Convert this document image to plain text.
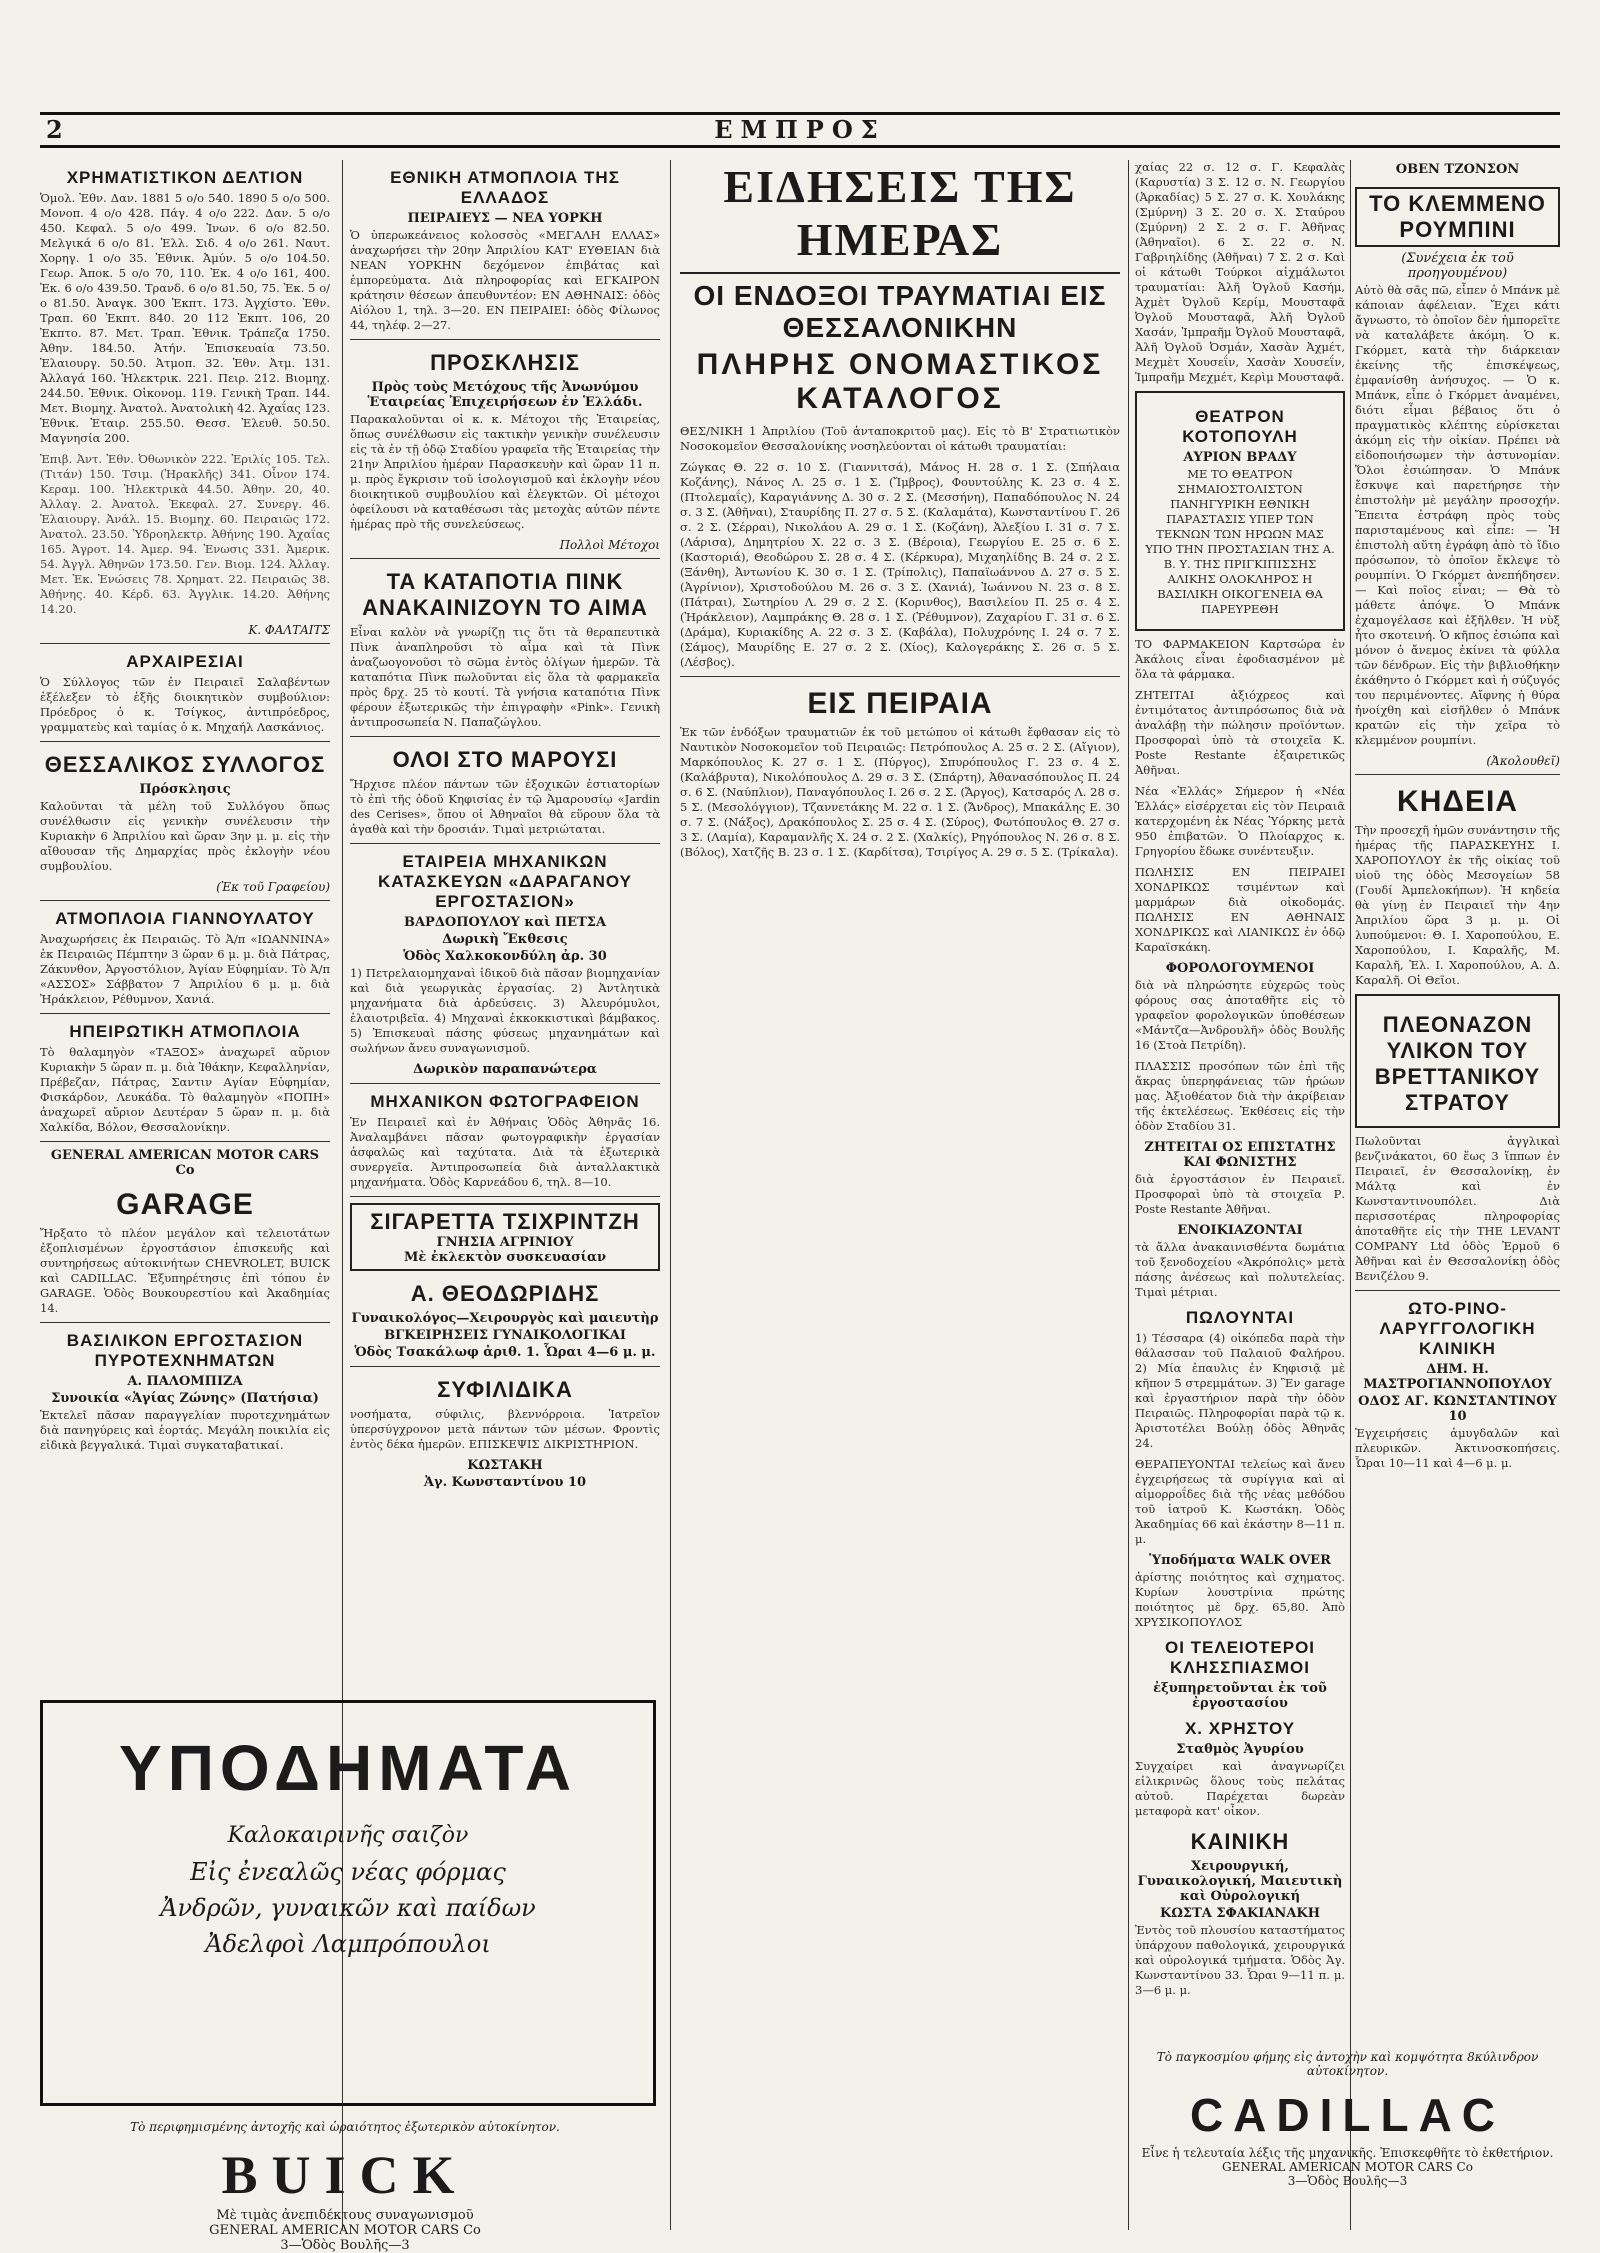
2	ΕΜΠΡΟΣ
ΧΡΗΜΑΤΙΣΤΙΚΟΝ ΔΕΛΤΙΟΝ

Ὁμολ. Ἐθν. Δαν. 1881 5 ο/ο 540. 1890 5 ο/ο 500. Μονοπ. 4 ο/ο 428. Πάγ. 4 ο/ο 222. Δαν. 5 ο/ο 450. Κεφαλ. 5 ο/ο 499. Ἰνων. 6 ο/ο 82.50. Μελγικά 6 ο/ο 81. Ἑλλ. Σιδ. 4 ο/ο 261. Ναυτ. Χορηγ. 1 ο/ο 35. Ἐθνικ. Ἀμύν. 5 ο/ο 104.50. Γεωρ. Ἀποκ. 5 ο/ο 70, 110. Ἐκ. 4 ο/ο 161, 400. Ἐκ. 6 ο/ο 439.50. Τρανδ. 6 ο/ο 81.50, 75. Ἐκ. 5 ο/ο 81.50. Ἀναγκ. 300 Ἐκπτ. 173. Ἀγχίστο. Ἐθν. Τραπ. 60 Ἐκπτ. 840. 20 112 Ἐκπτ. 106, 20 Ἐκπτο. 87. Μετ. Τραπ. Ἐθνικ. Τράπεζα 1750. Ἀθην. 184.50. Ἀτήν. Ἐπισκευαία 73.50. Ἐλαιουργ. 50.50. Ἀτμοπ. 32. Ἐθν. Ἀτμ. 131. Ἀλλαγά 160. Ἡλεκτρικ. 221. Πειρ. 212. Βιομηχ. 244.50. Ἐθνικ. Οἰκονομ. 119. Γενικὴ Τραπ. 144. Μετ. Βιομηχ. Ἀνατολ. Ἀνατολικὴ 42. Ἀχαΐας 123. Ἐθνικ. Ἐταιρ. 255.50. Θεσσ. Ἐλευθ. 50.50. Μαγνησία 200.

Ἐπιβ. Ἀντ. Ἐθν. Ὀθωνικὸν 222. Ἐριλίς 105. Τελ. (Τιτάν) 150. Τσιμ. (Ἡρακλῆς) 341. Οἶνον 174. Κεραμ. 100. Ἡλεκτρικὰ 44.50. Ἀθην. 20, 40. Ἀλλαγ. 2. Ἀνατολ. Ἐκεφαλ. 27. Συνεργ. 46. Ἐλαιουργ. Ἀνάλ. 15. Βιομηχ. 60. Πειραιῶς 172. Ἀνατολ. 23.50. Ὑδροηλεκτρ. Ἀθήνης 190. Ἀχαΐας 165. Ἀγροτ. 14. Ἀμερ. 94. Ἐνωσις 331. Ἀμερικ. 54. Ἀγγλ. Ἀθηνῶν 173.50. Γεν. Βιομ. 124. Ἀλλαγ. Μετ. Ἐκ. Ἐνώσεις 78. Χρηματ. 22. Πειραιῶς 38. Ἀθήνης. 40. Κέρδ. 63. Ἀγγλικ. 14.20. Ἀθήνης 14.20.

Κ. ΦΑΛΤΑΙΤΣ
ΑΡΧΑΙΡΕΣΙΑΙ

Ὁ Σύλλογος τῶν ἐν Πειραιεῖ Σαλαβέντων ἐξέλεξεν τὸ ἑξῆς διοικητικὸν συμβούλιον: Πρόεδρος ὁ κ. Τσίγκος, ἀντιπρόεδρος, γραμματεὺς καὶ ταμίας ὁ κ. Μηχαήλ Λασκάνιος.

ΘΕΣΣΑΛΙΚΟΣ ΣΥΛΛΟΓΟΣ
Πρόσκλησις

Καλοῦνται τὰ μέλη τοῦ Συλλόγου ὅπως συνέλθωσιν εἰς γενικὴν συνέλευσιν τὴν Κυριακὴν 6 Ἀπριλίου καὶ ὥραν 3ην μ. μ. εἰς τὴν αἴθουσαν τῆς Δημαρχίας πρὸς ἐκλογὴν νέου συμβουλίου.

(Ἐκ τοῦ Γραφείου)
ΑΤΜΟΠΛΟΙΑ ΓΙΑΝΝΟΥΛΑΤΟΥ

Ἀναχωρήσεις ἐκ Πειραιῶς. Τὸ Ἀ/π «ΙΩΑΝΝΙΝΑ» ἐκ Πειραιῶς Πέμπτην 3 ὥραν 6 μ. μ. διὰ Πάτρας, Ζάκυνθον, Ἀργοστόλιον, Ἀγίαν Εὐφημίαν. Τὸ Ἀ/π «ΑΣΣΟΣ» Σάββατον 7 Ἀπριλίου 6 μ. μ. διὰ Ἠράκλειον, Ρέθυμνον, Χανιά.

ΗΠΕΙΡΩΤΙΚΗ ΑΤΜΟΠΛΟΙΑ

Τὸ θαλαμηγὸν «ΤΑΞΟΣ» ἀναχωρεῖ αὔριον Κυριακὴν 5 ὥραν π. μ. διὰ Ἰθάκην, Κεφαλληνίαν, Πρέβεζαν, Πάτρας, Σαντιν Αγίαν Εὐφημίαν, Φισκάρδον, Λευκάδα. Τὸ θαλαμηγὸν «ΠΟΠΗ» ἀναχωρεῖ αὔριον Δευτέραν 5 ὥραν π. μ. διὰ Χαλκίδα, Βόλον, Θεσσαλονίκην.

GENERAL AMERICAN MOTOR CARS Co
GARAGE

Ἤρξατο τὸ πλέον μεγάλον καὶ τελειοτάτων ἐξοπλισμένων ἐργοστάσιον ἐπισκευῆς καὶ συντηρήσεως αὐτοκινήτων CHEVROLET, BUICK καὶ CADILLAC. Ἐξυπηρέτησις ἐπὶ τόπου ἐν GARAGE. Ὁδὸς Βουκουρεστίου καὶ Ἀκαδημίας 14.

ΒΑΣΙΛΙΚΟΝ ΕΡΓΟΣΤΑΣΙΟΝ ΠΥΡΟΤΕΧΝΗΜΑΤΩΝ
Α. ΠΑΛΟΜΠΙΖΑ
Συνοικία «Ἁγίας Ζώνης» (Πατήσια)

Ἐκτελεῖ πᾶσαν παραγγελίαν πυροτεχνημάτων διὰ πανηγύρεις καὶ ἑορτάς. Μεγάλη ποικιλία εἰς εἰδικὰ βεγγαλικά. Τιμαὶ συγκαταβατικαί.

ΕΘΝΙΚΗ ΑΤΜΟΠΛΟΙΑ ΤΗΣ ΕΛΛΑΔΟΣ
ΠΕΙΡΑΙΕΥΣ — ΝΕΑ ΥΟΡΚΗ

Ὁ ὑπερωκεάνειος κολοσσὸς «ΜΕΓΑΛΗ ΕΛΛΑΣ» ἀναχωρήσει τὴν 20ην Ἀπριλίου ΚΑΤ' ΕΥΘΕΙΑΝ διὰ ΝΕΑΝ ΥΟΡΚΗΝ δεχόμενον ἐπιβάτας καὶ ἐμπορεύματα. Διὰ πληροφορίας καὶ ΕΓΚΑΙΡΟΝ κράτησιν θέσεων ἀπευθυντέον: ΕΝ ΑΘΗΝΑΙΣ: ὁδὸς Αἰόλου 1, τηλ. 3—20. ΕΝ ΠΕΙΡΑΙΕΙ: ὁδὸς Φίλωνος 44, τηλέφ. 2—27.

ΠΡΟΣΚΛΗΣΙΣ
Πρὸς τοὺς Μετόχους τῆς Ἀνωνύμου Ἑταιρείας Ἐπιχειρήσεων ἐν Ἑλλάδι.

Παρακαλοῦνται οἱ κ. κ. Μέτοχοι τῆς Ἑταιρείας, ὅπως συνέλθωσιν εἰς τακτικὴν γενικὴν συνέλευσιν εἰς τὰ ἐν τῇ ὁδῷ Σταδίου γραφεῖα τῆς Ἑταιρείας τὴν 21ην Ἀπριλίου ἡμέραν Παρασκευὴν καὶ ὥραν 11 π. μ. πρὸς ἔγκρισιν τοῦ ἰσολογισμοῦ καὶ ἐκλογὴν νέου διοικητικοῦ συμβουλίου καὶ ἐλεγκτῶν. Οἱ μέτοχοι ὀφείλουσι νὰ καταθέσωσι τὰς μετοχὰς αὐτῶν πέντε ἡμέρας πρὸ τῆς συνελεύσεως.

Πολλοὶ Μέτοχοι
ΤΑ ΚΑΤΑΠΟΤΙΑ ΠΙΝΚ ΑΝΑΚΑΙΝΙΖΟΥΝ ΤΟ ΑΙΜΑ

Εἶναι καλὸν νὰ γνωρίζῃ τις ὅτι τὰ θεραπευτικὰ Πὶνκ ἀναπληροῦσι τὸ αἷμα καὶ τὰ Πὶνκ ἀναζωογονοῦσι τὸ σῶμα ἐντὸς ὀλίγων ἡμερῶν. Τὰ καταπότια Πὶνκ πωλοῦνται εἰς ὅλα τὰ φαρμακεῖα πρὸς δρχ. 25 τὸ κουτί. Τὰ γνήσια καταπότια Πὶνκ φέρουν ἐξωτερικῶς τὴν ἐπιγραφὴν «Pink». Γενικὴ ἀντιπροσωπεία Ν. Παπαζώγλου.

ΟΛΟΙ ΣΤΟ ΜΑΡΟΥΣΙ

Ἤρχισε πλέον πάντων τῶν ἐξοχικῶν ἐστιατορίων τὸ ἐπὶ τῆς ὁδοῦ Κηφισίας ἐν τῷ Ἀμαρουσίῳ «Jardin des Cerises», ὅπου οἱ Ἀθηναῖοι θὰ εὕρουν ὅλα τὰ ἀγαθὰ καὶ τὴν δροσιάν. Τιμαὶ μετριώταται.

ΕΤΑΙΡΕΙΑ ΜΗΧΑΝΙΚΩΝ ΚΑΤΑΣΚΕΥΩΝ «ΔΑΡΑΓΑΝΟΥ ΕΡΓΟΣΤΑΣΙΟΝ»
ΒΑΡΔΟΠΟΥΛΟΥ καὶ ΠΕΤΣΑ
Δωρικὴ Ἔκθεσις
Ὁδὸς Χαλκοκονδύλη ἀρ. 30

1) Πετρελαιομηχαναὶ ἰδικοῦ διὰ πᾶσαν βιομηχανίαν καὶ διὰ γεωργικὰς ἐργασίας. 2) Ἀντλητικὰ μηχανήματα διὰ ἀρδεύσεις. 3) Ἀλευρόμυλοι, ἐλαιοτριβεῖα. 4) Μηχαναὶ ἐκκοκκιστικαὶ βάμβακος. 5) Ἐπισκευαὶ πάσης φύσεως μηχανημάτων καὶ σωλήνων ἄνευ συναγωνισμοῦ.

Δωρικὸν παραπανώτερα
ΜΗΧΑΝΙΚΟΝ ΦΩΤΟΓΡΑΦΕΙΟΝ

Ἐν Πειραιεῖ καὶ ἐν Ἀθήναις Ὁδὸς Ἀθηνᾶς 16. Ἀναλαμβάνει πᾶσαν φωτογραφικὴν ἐργασίαν ἀσφαλῶς καὶ ταχύτατα. Διὰ τὰ ἐξωτερικὰ συνεργεῖα. Ἀντιπροσωπεία διὰ ἀνταλλακτικὰ μηχανήματα. Ὁδὸς Καρνεάδου 6, τηλ. 8—10.

ΣΙΓΑΡΕΤΤΑ ΤΣΙΧΡΙΝΤΖΗ
ΓΝΗΣΙΑ ΑΓΡΙΝΙΟΥ
Μὲ ἐκλεκτὸν συσκευασίαν
Α. ΘΕΟΔΩΡΙΔΗΣ
Γυναικολόγος—Χειρουργὸς καὶ μαιευτὴρ
ΒΓΚΕΙΡΗΣΕΙΣ ΓΥΝΑΙΚΟΛΟΓΙΚΑΙ
Ὁδὸς Τσακάλωφ ἀριθ. 1. Ὧραι 4—6 μ. μ.
ΣΥΦΙΛΙΔΙΚΑ

νοσήματα, σύφιλις, βλεννόρροια. Ἰατρεῖον ὑπερσύγχρονον μετὰ πάντων τῶν μέσων. Φροντὶς ἐντὸς δέκα ἡμερῶν. ΕΠΙΣΚΕΨΙΣ ΔΙΚΡΙΣΤΗΡΙΟΝ.

ΚΩΣΤΑΚΗ
Ἀγ. Κωνσταντίνου 10
ΕΙΔΗΣΕΙΣ ΤΗΣ ΗΜΕΡΑΣ
ΟΙ ΕΝΔΟΞΟΙ ΤΡΑΥΜΑΤΙΑΙ ΕΙΣ ΘΕΣΣΑΛΟΝΙΚΗΝ
ΠΛΗΡΗΣ ΟΝΟΜΑΣΤΙΚΟΣ ΚΑΤΑΛΟΓΟΣ

ΘΕΣ/ΝΙΚΗ 1 Ἀπριλίου (Τοῦ ἀνταποκριτοῦ μας). Εἰς τὸ Β' Στρατιωτικὸν Νοσοκομεῖον Θεσσαλονίκης νοσηλεύονται οἱ κάτωθι τραυματίαι:

Ζώγκας Θ. 22 σ. 10 Σ. (Γιαννιτσά), Μάνος Η. 28 σ. 1 Σ. (Σπήλαια Κοζάνης), Νάνος Λ. 25 σ. 1 Σ. (Ἴμβρος), Φουντούλης Κ. 23 σ. 4 Σ. (Πτολεμαΐς), Καραγιάννης Δ. 30 σ. 2 Σ. (Μεσσήνη), Παπαδόπουλος Ν. 24 σ. 3 Σ. (Ἀθῆναι), Σταυρίδης Π. 27 σ. 5 Σ. (Καλαμάτα), Κωνσταντίνου Γ. 26 σ. 2 Σ. (Σέρραι), Νικολάου Α. 29 σ. 1 Σ. (Κοζάνη), Ἀλεξίου Ι. 31 σ. 7 Σ. (Λάρισα), Δημητρίου Χ. 22 σ. 3 Σ. (Βέροια), Γεωργίου Ε. 25 σ. 6 Σ. (Καστοριά), Θεοδώρου Σ. 28 σ. 4 Σ. (Κέρκυρα), Μιχαηλίδης Β. 24 σ. 2 Σ. (Ξάνθη), Ἀντωνίου Κ. 30 σ. 1 Σ. (Τρίπολις), Παπαϊωάννου Δ. 27 σ. 5 Σ. (Ἀγρίνιον), Χριστοδούλου Μ. 26 σ. 3 Σ. (Χανιά), Ἰωάννου Ν. 23 σ. 8 Σ. (Πάτραι), Σωτηρίου Λ. 29 σ. 2 Σ. (Κορινθος), Βασιλείου Π. 25 σ. 4 Σ. (Ἠράκλειον), Λαμπράκης Θ. 28 σ. 1 Σ. (Ῥέθυμνον), Ζαχαρίου Γ. 31 σ. 6 Σ. (Δράμα), Κυριακίδης Α. 22 σ. 3 Σ. (Καβάλα), Πολυχρόνης Ι. 24 σ. 7 Σ. (Σάμος), Μαυρίδης Ε. 27 σ. 2 Σ. (Χίος), Καλογεράκης Σ. 26 σ. 5 Σ. (Λέσβος).

ΕΙΣ ΠΕΙΡΑΙΑ

Ἐκ τῶν ἐνδόξων τραυματιῶν ἐκ τοῦ μετώπου οἱ κάτωθι ἔφθασαν εἰς τὸ Ναυτικὸν Νοσοκομεῖον τοῦ Πειραιῶς: Πετρόπουλος Α. 25 σ. 2 Σ. (Αἴγιον), Μαρκόπουλος Κ. 27 σ. 1 Σ. (Πύργος), Σπυρόπουλος Γ. 23 σ. 4 Σ. (Καλάβρυτα), Νικολόπουλος Δ. 29 σ. 3 Σ. (Σπάρτη), Ἀθανασόπουλος Π. 24 σ. 6 Σ. (Ναύπλιον), Παναγόπουλος Ι. 26 σ. 2 Σ. (Ἄργος), Κατσαρός Λ. 28 σ. 5 Σ. (Μεσολόγγιον), Τζαννετάκης Μ. 22 σ. 1 Σ. (Ἄνδρος), Μπακάλης Ε. 30 σ. 7 Σ. (Νάξος), Δρακόπουλος Σ. 25 σ. 4 Σ. (Σύρος), Φωτόπουλος Θ. 27 σ. 3 Σ. (Λαμία), Καραμανλῆς Χ. 24 σ. 2 Σ. (Χαλκίς), Ρηγόπουλος Ν. 26 σ. 8 Σ. (Βόλος), Χατζῆς Β. 23 σ. 1 Σ. (Καρδίτσα), Τσιρίγος Α. 29 σ. 5 Σ. (Τρίκαλα).

χαίας 22 σ. 12 σ. Γ. Κεφαλὰς (Καρυστία) 3 Σ. 12 σ. Ν. Γεωργίου (Ἀρκαδίας) 5 Σ. 27 σ. Κ. Χουλάκης (Σμύρνη) 3 Σ. 20 σ. Χ. Σταύρου (Σμύρνη) 2 Σ. 2 σ. Γ. Ἀθῆνας (Ἀθηναῖοι). 6 Σ. 22 σ. Ν. Γαβριηλίδης (Ἀθῆναι) 7 Σ. 2 σ. Καὶ οἱ κάτωθι Τούρκοι αἰχμάλωτοι τραυματίαι: Ἀλῆ Ὀγλοῦ Κασήμ, Ἀχμὲτ Ὀγλοῦ Κερίμ, Μουσταφᾶ Ὀγλοῦ Μουσταφᾶ, Ἀλῆ Ὀγλοῦ Χασάν, Ἰμπραῆμ Ὀγλοῦ Μουσταφᾶ, Ἀλῆ Ὀγλοῦ Ὀσμάν, Χασὰν Ἀχμέτ, Μεχμὲτ Χουσεΐν, Χασὰν Χουσεΐν, Ἰμπραῆμ Μεχμέτ, Κερὶμ Μουσταφᾶ.

ΘΕΑΤΡΟΝ ΚΟΤΟΠΟΥΛΗ
ΑΥΡΙΟΝ ΒΡΑΔΥ

ΜΕ ΤΟ ΘΕΑΤΡΟΝ ΣΗΜΑΙΟΣΤΟΛΙΣΤΟΝ ΠΑΝΗΓΥΡΙΚΗ ΕΘΝΙΚΗ ΠΑΡΑΣΤΑΣΙΣ ΥΠΕΡ ΤΩΝ ΤΕΚΝΩΝ ΤΩΝ ΗΡΩΩΝ ΜΑΣ ΥΠΟ ΤΗΝ ΠΡΟΣΤΑΣΙΑΝ ΤΗΣ Α. Β. Υ. ΤΗΣ ΠΡΙΓΚΙΠΙΣΣΗΣ ΑΛΙΚΗΣ ΟΛΟΚΛΗΡΟΣ Η ΒΑΣΙΛΙΚΗ ΟΙΚΟΓΕΝΕΙΑ ΘΑ ΠΑΡΕΥΡΕΘΗ

ΤΟ ΦΑΡΜΑΚΕΙΟΝ Καρτσώρα ἐν Ἀκάλοις εἶναι ἐφοδιασμένον μὲ ὅλα τὰ φάρμακα.

ΖΗΤΕΙΤΑΙ ἀξιόχρεος καὶ ἐντιμότατος ἀντιπρόσωπος διὰ νὰ ἀναλάβῃ τὴν πώλησιν προϊόντων. Προσφοραὶ ὑπὸ τὰ στοιχεῖα Κ. Poste Restante ἐξαιρετικῶς Ἀθῆναι.

Νέα «Ἑλλάς» Σήμερον ἡ «Νέα Ἑλλάς» εἰσέρχεται εἰς τὸν Πειραιᾶ κατερχομένη ἐκ Νέας Ὑόρκης μετὰ 950 ἐπιβατῶν. Ὁ Πλοίαρχος κ. Γρηγορίου ἔδωκε συνέντευξιν.

ΠΩΛΗΣΙΣ ΕΝ ΠΕΙΡΑΙΕΙ ΧΟΝΔΡΙΚΩΣ τσιμέντων καὶ μαρμάρων διὰ οἰκοδομάς. ΠΩΛΗΣΙΣ ΕΝ ΑΘΗΝΑΙΣ ΧΟΝΔΡΙΚΩΣ καὶ ΛΙΑΝΙΚΩΣ ἐν ὁδῷ Καραϊσκάκη.

ΦΟΡΟΛΟΓΟΥΜΕΝΟΙ

διὰ νὰ πληρώσητε εὐχερῶς τοὺς φόρους σας ἀποταθῆτε εἰς τὸ γραφεῖον φορολογικῶν ὑποθέσεων «Μάντζα—Ἀνδρουλῆ» ὁδὸς Βουλῆς 16 (Στοὰ Πετρίδη).

ΠΛΑΣΣΙΣ προσόπων τῶν ἐπὶ τῆς ἄκρας ὑπερηφάνειας τῶν ἡρώων μας. Ἀξιοθέατον διὰ τὴν ἀκρίβειαν τῆς ἐκτελέσεως. Ἐκθέσεις εἰς τὴν ὁδὸν Σταδίου 31.

ΖΗΤΕΙΤΑΙ ΟΣ ΕΠΙΣΤΑΤΗΣ ΚΑΙ ΦΩΝΙΣΤΗΣ

διὰ ἐργοστάσιον ἐν Πειραιεῖ. Προσφοραὶ ὑπὸ τὰ στοιχεῖα Ρ. Poste Restante Ἀθῆναι.

ΕΝΟΙΚΙΑΖΟΝΤΑΙ

τὰ ἄλλα ἀνακαινισθέντα δωμάτια τοῦ ξενοδοχείου «Ἀκρόπολις» μετὰ πάσης ἀνέσεως καὶ πολυτελείας. Τιμαὶ μέτριαι.

ΠΩΛΟΥΝΤΑΙ

1) Τέσσαρα (4) οἰκόπεδα παρὰ τὴν θάλασσαν τοῦ Παλαιοῦ Φαλήρου. 2) Μία ἐπαυλις ἐν Κηφισιᾷ μὲ κῆπον 5 στρεμμάτων. 3) Ἓν garage καὶ ἐργαστήριον παρὰ τὴν ὁδὸν Πειραιῶς. Πληροφορίαι παρὰ τῷ κ. Ἀριστοτέλει Βούλῃ ὁδὸς Ἀθηνᾶς 24.

ΘΕΡΑΠΕΥΟΝΤΑΙ τελείως καὶ ἄνευ ἐγχειρήσεως τὰ συρίγγια καὶ αἱ αἱμορροΐδες διὰ τῆς νέας μεθόδου τοῦ ἰατροῦ Κ. Κωστάκη. Ὁδὸς Ἀκαδημίας 66 καὶ ἐκάστην 8—11 π. μ.

Ὑποδήματα WALK OVER

ἀρίστης ποιότητος καὶ σχηματος. Κυρίων λουστρίνια πρώτης ποιότητος μὲ δρχ. 65,80. Ἁπὸ ΧΡΥΣΙΚΟΠΟΥΛΟΣ

ΟΙ ΤΕΛΕΙΟΤΕΡΟΙ ΚΛΗΣΣΠΙΑΣΜΟΙ
ἐξυπηρετοῦνται ἐκ τοῦ ἐργοστασίου
Χ. ΧΡΗΣΤΟΥ
Σταθμὸς Ἀγυρίου

Συγχαίρει καὶ ἀναγνωρίζει εἰλικρινῶς ὅλους τοὺς πελάτας αὐτοῦ. Παρέχεται δωρεὰν μεταφορὰ κατ' οἶκον.

ΚΑΙΝΙΚΗ
Χειρουργική, Γυναικολογική, Μαιευτικὴ καὶ Οὐρολογική
ΚΩΣΤΑ ΣΦΑΚΙΑΝΑΚΗ

Ἐντὸς τοῦ πλουσίου καταστήματος ὑπάρχουν παθολογικά, χειρουργικά καὶ οὐρολογικά τμήματα. Ὁδὸς Ἀγ. Κωνσταντίνου 33. Ὧραι 9—11 π. μ. 3—6 μ. μ.

ΟΒΕΝ ΤΖΟΝΣΟΝ
ΤΟ ΚΛΕΜΜΕΝΟ ΡΟΥΜΠΙΝΙ
(Συνέχεια ἐκ τοῦ προηγουμένου)

Αὐτὸ θὰ σᾶς πῶ, εἶπεν ὁ Μπάνκ μὲ κάποιαν ἀφέλειαν. Ἔχει κάτι ἄγνωστο, τὸ ὁποῖον δὲν ἠμπορεῖτε νὰ καταλάβετε ἀκόμη. Ὁ κ. Γκόρμετ, κατὰ τὴν διάρκειαν ἐκείνης τῆς ἐπισκέψεως, ἐμφανίσθη ἀνήσυχος. — Ὁ κ. Μπάνκ, εἶπε ὁ Γκόρμετ ἀναμένει, διότι εἶμαι βέβαιος ὅτι ὁ πραγματικὸς κλέπτης εὑρίσκεται ἀκόμη εἰς τὴν οἰκίαν. Πρέπει νὰ εἰδοποιήσωμεν τὴν ἀστυνομίαν. Ὅλοι ἐσιώπησαν. Ὁ Μπάνκ ἔσκυψε καὶ παρετήρησε τὴν ἐπιστολὴν μὲ μεγάλην προσοχήν. Ἔπειτα ἐστράφη πρὸς τοὺς παρισταμένους καὶ εἶπε: — Ἡ ἐπιστολὴ αὕτη ἐγράφη ἀπὸ τὸ ἴδιο πρόσωπον, τὸ ὁποῖον ἔκλεψε τὸ ρουμπίνι. Ὁ Γκόρμετ ἀνεπήδησεν. — Καὶ ποῖος εἶναι; — Θὰ τὸ μάθετε ἀπόψε. Ὁ Μπάνκ ἐχαμογέλασε καὶ ἐξῆλθεν. Ἡ νὺξ ἦτο σκοτεινή. Ὁ κῆπος ἐσιώπα καὶ μόνον ὁ ἄνεμος ἐκίνει τὰ φύλλα τῶν δένδρων. Εἰς τὴν βιβλιοθήκην ἐκάθηντο ὁ Γκόρμετ καὶ ἡ σύζυγός του περιμένοντες. Αἴφνης ἡ θύρα ἠνοίχθη καὶ εἰσῆλθεν ὁ Μπάνκ κρατῶν εἰς τὴν χεῖρα τὸ κλεμμένον ρουμπίνι.

(Ἀκολουθεῖ)
ΚΗΔΕΙΑ

Τὴν προσεχῆ ἡμῶν συνάντησιν τῆς ἡμέρας τῆς ΠΑΡΑΣΚΕΥΗΣ Ι. ΧΑΡΟΠΟΥΛΟΥ ἐκ τῆς οἰκίας τοῦ υἱοῦ της ὁδὸς Μεσογείων 58 (Γουδί Ἀμπελοκήπων). Ἡ κηδεία θὰ γίνῃ ἐν Πειραιεῖ τὴν 4ην Ἀπριλίου ὥρα 3 μ. μ. Οἱ λυπούμενοι: Θ. Ι. Χαροπούλου, Ε. Χαροπούλου, Ι. Καραλῆς, Μ. Καραλῆ, Ἑλ. Ι. Χαροπούλου, Α. Δ. Καραλῆ. Οἱ Θεῖοι.

ΠΛΕΟΝΑΖΟΝ ΥΛΙΚΟΝ ΤΟΥ ΒΡΕΤΤΑΝΙΚΟΥ ΣΤΡΑΤΟΥ

Πωλοῦνται ἀγγλικαὶ βενζινάκατοι, 60 ἕως 3 ἵππων ἐν Πειραιεῖ, ἐν Θεσσαλονίκῃ, ἐν Μάλτᾳ καὶ ἐν Κωνσταντινουπόλει. Διὰ περισσοτέρας πληροφορίας ἀποταθῆτε εἰς τὴν THE LEVANT COMPANY Ltd ὁδὸς Ἐρμοῦ 6 Ἀθῆναι καὶ ἐν Θεσσαλονίκῃ ὁδὸς Βενιζέλου 9.

ΩΤΟ-ΡΙΝΟ-ΛΑΡΥΓΓΟΛΟΓΙΚΗ ΚΛΙΝΙΚΗ
ΔΗΜ. Η. ΜΑΣΤΡΟΓΙΑΝΝΟΠΟΥΛΟΥ
ΟΔΟΣ ΑΓ. ΚΩΝΣΤΑΝΤΙΝΟΥ 10

Ἐγχειρήσεις ἀμυγδαλῶν καὶ πλευρικῶν. Ἀκτινοσκοπήσεις. Ὧραι 10—11 καὶ 4—6 μ. μ.

ΥΠΟΔΗΜΑΤΑ
Καλοκαιρινῆς σαιζὸν
Εἰς ἐνεαλῶς νέας φόρμας
Ἀνδρῶν, γυναικῶν καὶ παίδων
Ἀδελφοὶ Λαμπρόπουλοι
Τὸ περιφημισμένης ἀντοχῆς καὶ ὡραιότητος ἐξωτερικὸν αὐτοκίνητον.
BUICK
Μὲ τιμὰς ἀνεπιδέκτους συναγωνισμοῦ
GENERAL AMERICAN MOTOR CARS Co
3—Ὁδὸς Βουλῆς—3
Τὸ παγκοσμίου φήμης εἰς ἀντοχὴν καὶ κομψότητα 8κύλινδρον αὐτοκίνητον.
CADILLAC
Εἶνε ἡ τελευταία λέξις τῆς μηχανικῆς. Ἐπισκεφθῆτε τὸ ἐκθετήριον.
GENERAL AMERICAN MOTOR CARS Co
3—Ὁδὸς Βουλῆς—3
